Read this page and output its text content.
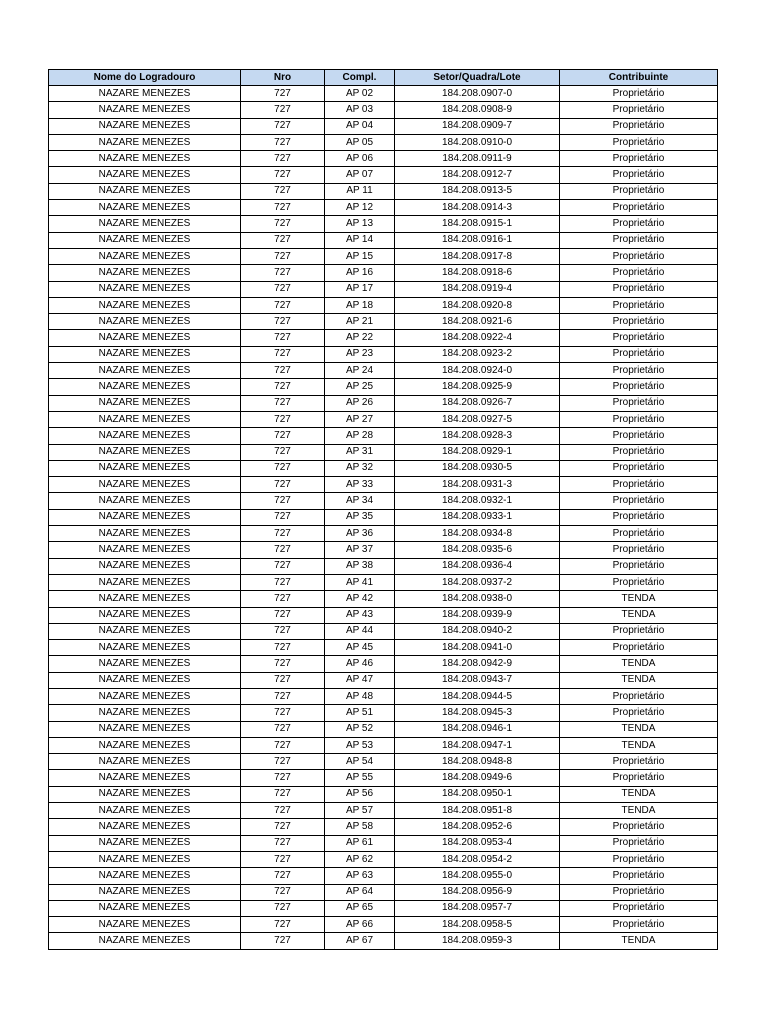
Nome do Logradouro	Nro	Compl.	Setor/Quadra/Lote	Contribuinte
NAZARE MENEZES	727	AP 02	184.208.0907-0	Proprietário
NAZARE MENEZES	727	AP 03	184.208.0908-9	Proprietário
NAZARE MENEZES	727	AP 04	184.208.0909-7	Proprietário
NAZARE MENEZES	727	AP 05	184.208.0910-0	Proprietário
NAZARE MENEZES	727	AP 06	184.208.0911-9	Proprietário
NAZARE MENEZES	727	AP 07	184.208.0912-7	Proprietário
NAZARE MENEZES	727	AP 11	184.208.0913-5	Proprietário
NAZARE MENEZES	727	AP 12	184.208.0914-3	Proprietário
NAZARE MENEZES	727	AP 13	184.208.0915-1	Proprietário
NAZARE MENEZES	727	AP 14	184.208.0916-1	Proprietário
NAZARE MENEZES	727	AP 15	184.208.0917-8	Proprietário
NAZARE MENEZES	727	AP 16	184.208.0918-6	Proprietário
NAZARE MENEZES	727	AP 17	184.208.0919-4	Proprietário
NAZARE MENEZES	727	AP 18	184.208.0920-8	Proprietário
NAZARE MENEZES	727	AP 21	184.208.0921-6	Proprietário
NAZARE MENEZES	727	AP 22	184.208.0922-4	Proprietário
NAZARE MENEZES	727	AP 23	184.208.0923-2	Proprietário
NAZARE MENEZES	727	AP 24	184.208.0924-0	Proprietário
NAZARE MENEZES	727	AP 25	184.208.0925-9	Proprietário
NAZARE MENEZES	727	AP 26	184.208.0926-7	Proprietário
NAZARE MENEZES	727	AP 27	184.208.0927-5	Proprietário
NAZARE MENEZES	727	AP 28	184.208.0928-3	Proprietário
NAZARE MENEZES	727	AP 31	184.208.0929-1	Proprietário
NAZARE MENEZES	727	AP 32	184.208.0930-5	Proprietário
NAZARE MENEZES	727	AP 33	184.208.0931-3	Proprietário
NAZARE MENEZES	727	AP 34	184.208.0932-1	Proprietário
NAZARE MENEZES	727	AP 35	184.208.0933-1	Proprietário
NAZARE MENEZES	727	AP 36	184.208.0934-8	Proprietário
NAZARE MENEZES	727	AP 37	184.208.0935-6	Proprietário
NAZARE MENEZES	727	AP 38	184.208.0936-4	Proprietário
NAZARE MENEZES	727	AP 41	184.208.0937-2	Proprietário
NAZARE MENEZES	727	AP 42	184.208.0938-0	TENDA
NAZARE MENEZES	727	AP 43	184.208.0939-9	TENDA
NAZARE MENEZES	727	AP 44	184.208.0940-2	Proprietário
NAZARE MENEZES	727	AP 45	184.208.0941-0	Proprietário
NAZARE MENEZES	727	AP 46	184.208.0942-9	TENDA
NAZARE MENEZES	727	AP 47	184.208.0943-7	TENDA
NAZARE MENEZES	727	AP 48	184.208.0944-5	Proprietário
NAZARE MENEZES	727	AP 51	184.208.0945-3	Proprietário
NAZARE MENEZES	727	AP 52	184.208.0946-1	TENDA
NAZARE MENEZES	727	AP 53	184.208.0947-1	TENDA
NAZARE MENEZES	727	AP 54	184.208.0948-8	Proprietário
NAZARE MENEZES	727	AP 55	184.208.0949-6	Proprietário
NAZARE MENEZES	727	AP 56	184.208.0950-1	TENDA
NAZARE MENEZES	727	AP 57	184.208.0951-8	TENDA
NAZARE MENEZES	727	AP 58	184.208.0952-6	Proprietário
NAZARE MENEZES	727	AP 61	184.208.0953-4	Proprietário
NAZARE MENEZES	727	AP 62	184.208.0954-2	Proprietário
NAZARE MENEZES	727	AP 63	184.208.0955-0	Proprietário
NAZARE MENEZES	727	AP 64	184.208.0956-9	Proprietário
NAZARE MENEZES	727	AP 65	184.208.0957-7	Proprietário
NAZARE MENEZES	727	AP 66	184.208.0958-5	Proprietário
NAZARE MENEZES	727	AP 67	184.208.0959-3	TENDA
